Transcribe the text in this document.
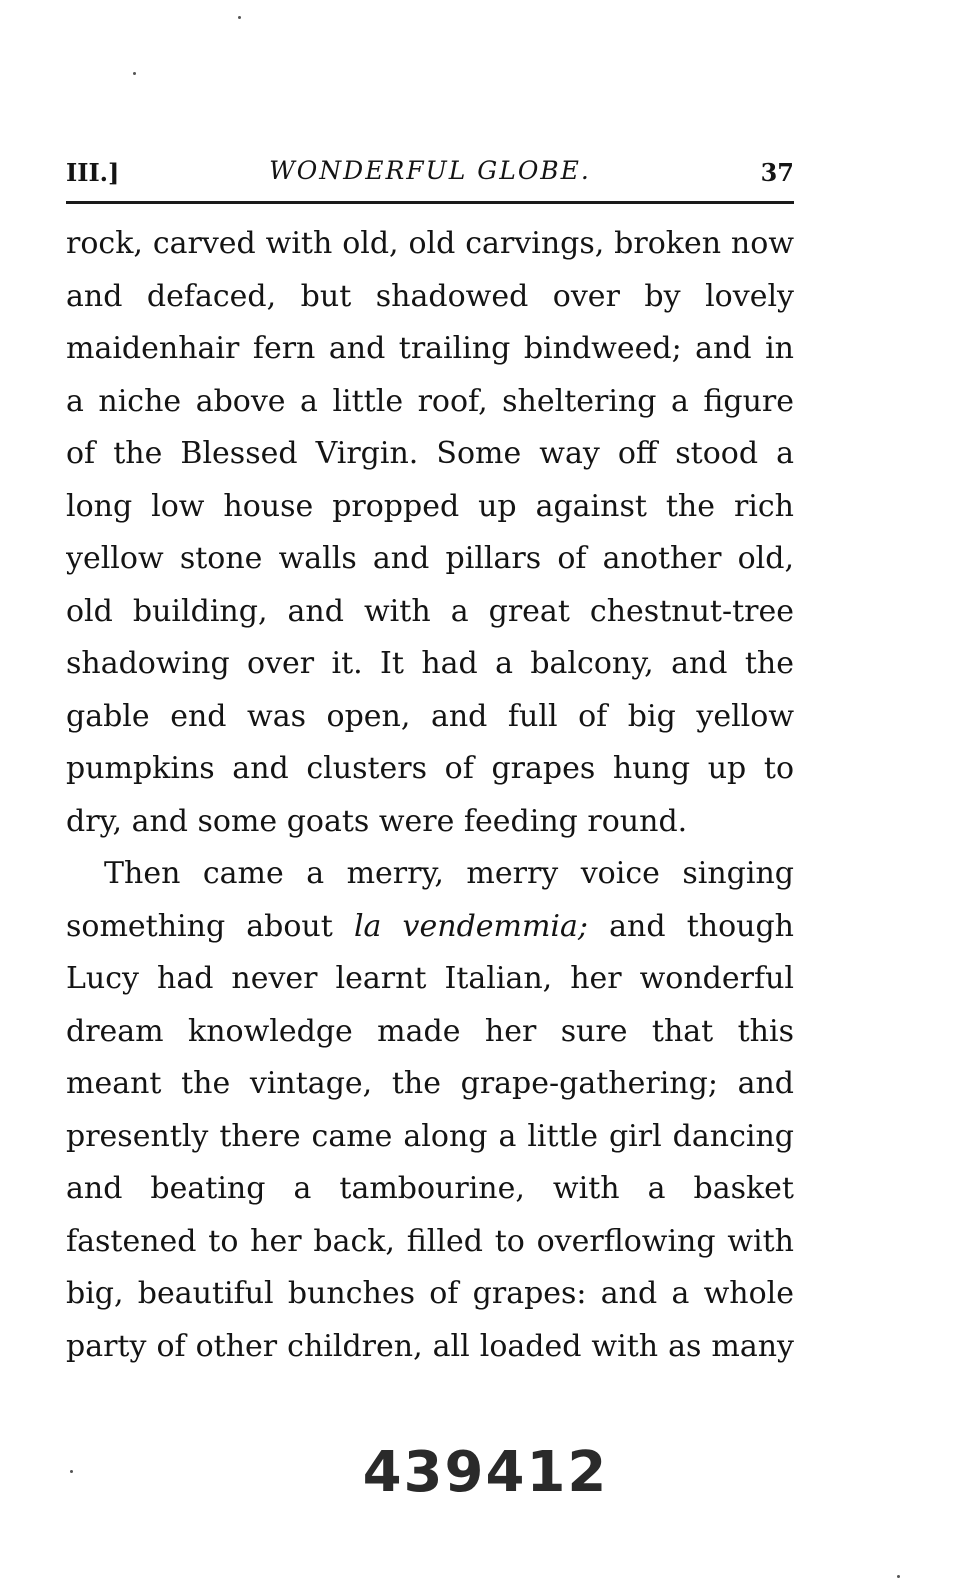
III.]	WONDERFUL GLOBE.	37
rock, carved with old, old carvings, broken now
and defaced, but shadowed over by lovely
maidenhair fern and trailing bindweed; and in
a niche above a little roof, sheltering a figure
of the Blessed Virgin. Some way off stood a
long low house propped up against the rich
yellow stone walls and pillars of another old,
old building, and with a great chestnut-tree
shadowing over it. It had a balcony, and the
gable end was open, and full of big yellow
pumpkins and clusters of grapes hung up to
dry, and some goats were feeding round.
Then came a merry, merry voice singing
something about la vendemmia; and though
Lucy had never learnt Italian, her wonderful
dream knowledge made her sure that this
meant the vintage, the grape-gathering; and
presently there came along a little girl dancing
and beating a tambourine, with a basket
fastened to her back, filled to overflowing with
big, beautiful bunches of grapes: and a whole
party of other children, all loaded with as many
439412
